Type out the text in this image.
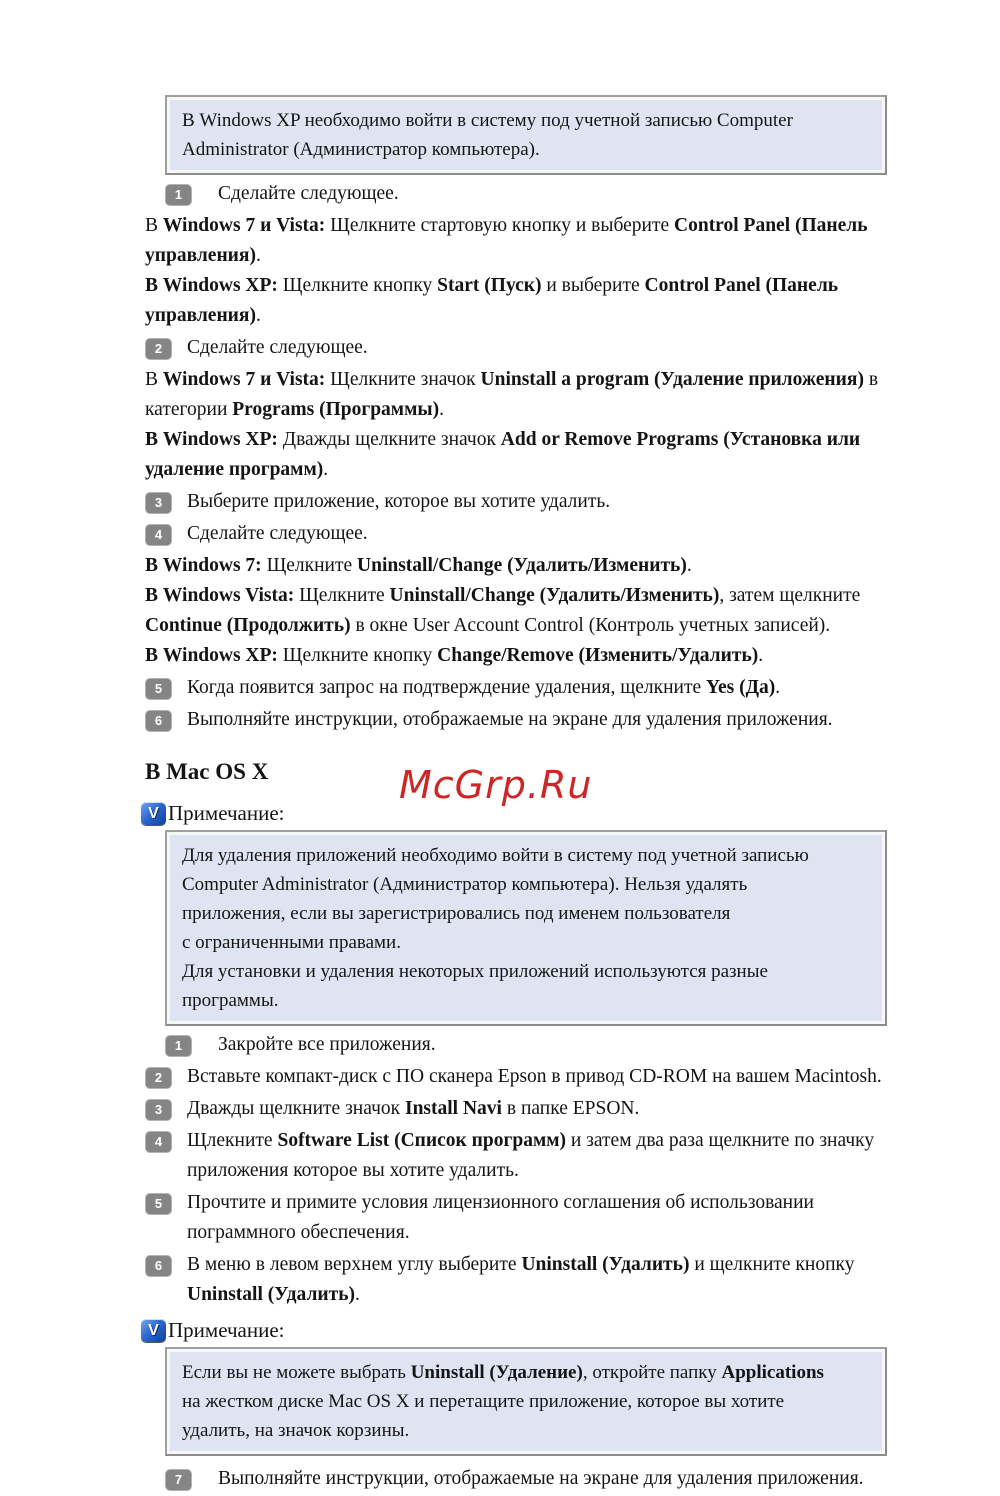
В Windows XP необходимо войти в систему под учетной записью Computer
Administrator (Администратор компьютера).
1	Сделайте следующее.

В Windows 7 и Vista: Щелкните стартовую кнопку и выберите Control Panel (Панель управления).

В Windows XP: Щелкните кнопку Start (Пуск) и выберите Control Panel (Панель управления).

2	Сделайте следующее.

В Windows 7 и Vista: Щелкните значок Uninstall a program (Удаление приложения) в категории Programs (Программы).

В Windows XP: Дважды щелкните значок Add or Remove Programs (Установка или удаление программ).

3	Выберите приложение, которое вы хотите удалить.
4	Сделайте следующее.

В Windows 7: Щелкните Uninstall/Change (Удалить/Изменить).

В Windows Vista: Щелкните Uninstall/Change (Удалить/Изменить), затем щелкните Continue (Продолжить) в окне User Account Control (Контроль учетных записей).

В Windows XP: Щелкните кнопку Change/Remove (Изменить/Удалить).

5	Когда появится запрос на подтверждение удаления, щелкните Yes (Да).
6	Выполняйте инструкции, отображаемые на экране для удаления приложения.
В Mac OS X
V Примечание:
McGrp.Ru
Для удаления приложений необходимо войти в систему под учетной записью
Computer Administrator (Администратор компьютера). Нельзя удалять
приложения, если вы зарегистрировались под именем пользователя
с ограниченными правами.
Для установки и удаления некоторых приложений используются разные
программы.
1	Закройте все приложения.
2	Вставьте компакт-диск с ПО сканера Epson в привод CD-ROM на вашем Macintosh.
3	Дважды щелкните значок Install Navi в папке EPSON.
4	Щлекните Software List (Список программ) и затем два раза щелкните по значку приложения которое вы хотите удалить.
5	Прочтите и примите условия лицензионного соглашения об использовании пограммного обеспечения.
6	В меню в левом верхнем углу выберите Uninstall (Удалить) и щелкните кнопку Uninstall (Удалить).
V Примечание:
Если вы не можете выбрать Uninstall (Удаление), откройте папку Applications
на жестком диске Mac OS X и перетащите приложение, которое вы хотите
удалить, на значок корзины.
7	Выполняйте инструкции, отображаемые на экране для удаления приложения.
